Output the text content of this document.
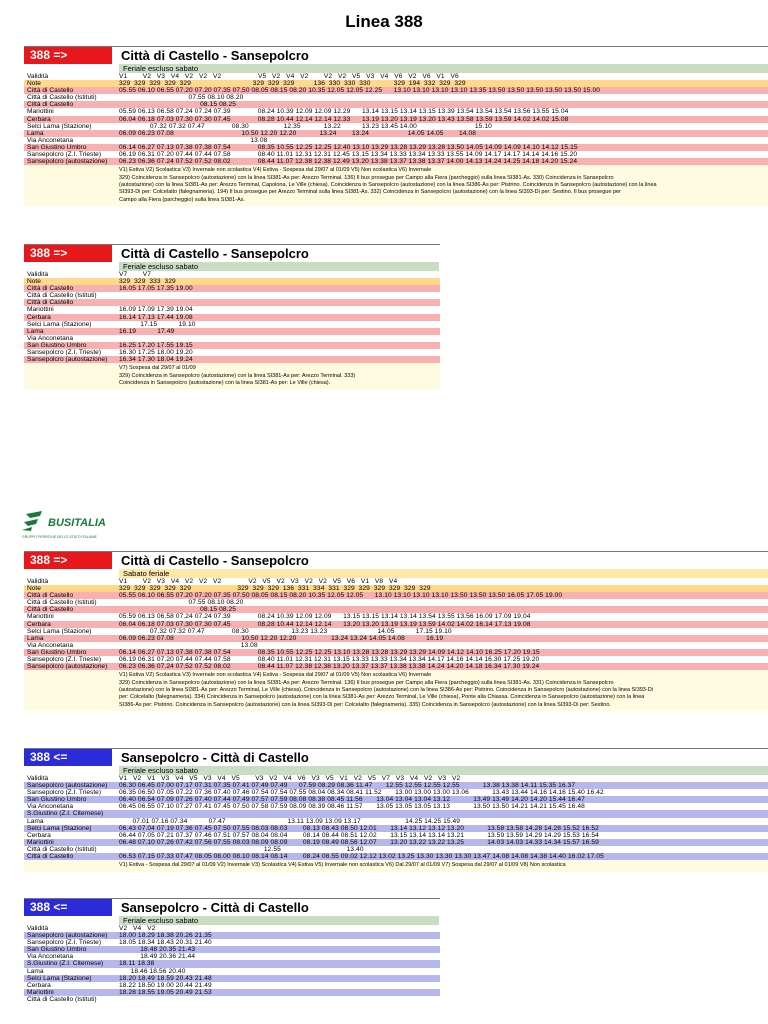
Linea 388
BUSITALIA
GRUPPO FERROVIE DELLO STATO ITALIANE
388 =>	Città di Castello - Sansepolcro
Feriale escluso sabato
Validità	V1        V2   V3   V4   V2   V2   V2                   V5   V2   V4   V2        V2   V2   V5   V3   V4   V6   V2   V6   V1   V6
Note	329  329  329  329  329                                329  329  329          136  330  330  330            329  194  332  329  329
Città di Castello	05.55 06.10 06.55 07.20 07.20 07.35 07.50 08.05 08.15 08.20 10.35 12.05 12.05 12.25      13.10 13.10 13.10 13.10 13.35 13.50 13.50 13.50 13.50 13.50 15.00
Città di Castello (Istituti)	07.55 08.10 08.20
Città di Castello	08.15 08.25
Mariottini	05.59 06.13 06.58 07.24 07.24 07.39              08.24 10.39 12.09 12.09 12.29      13.14 13.15 13.14 13.15 13.39 13.54 13.54 13.54 13.56 13.55 15.04
Cerbara	06.04 06.18 07.03 07.30 07.30 07.45              08.28 10.44 12.14 12.14 12.33      13.19 13.20 13.19 13.20 13.43 13.58 13.59 13.59 14.02 14.02 15.08
Selci Lama (Stazione)	07.32 07.32 07.47              08.30                  12.35            13.22           13.23 13.45 14.00                              15.10
Lama	06.09 06.23 07.08                                   10.50 12.20 12.20            13.24        13.24                    14.05 14.05        14.08
Via Anconetana	13.08
San Giustino Umbro	06.14 06.27 07.13 07.38 07.38 07.54              08.35 10.55 12.25 12.25 12.40 13.10 13.29 13.28 13.29 13.28 13.50 14.05 14.09 14.09 14.10 14.12 15.15
Sansepolcro (Z.I. Trieste)	06.19 06.31 07.20 07.44 07.44 07.58              08.40 11.01 12.31 12.31 12.45 13.15 13.34 13.33 13.34 13.33 13.55 14.09 14.17 14.17 14.14 14.16 15.20
Sansepolcro (autostazione) 06.23 06.36 07.24 07.52 07.52 08.02              08.44 11.07 12.38 12.38 12.49 13.20 13.38 13.37 13.38 13.37 14.00 14.13 14.24 14.25 14.18 14.20 15.24
V1) Estiva V2) Scolastica V3) Invernale non scolastica V4) Estiva - Sospesa dal 29/07 al 01/09 V5) Non scolastica V6) Invernale
329) Coincidenza in Sansepolcro (autostazione) con la linea SI381-As per: Arezzo Terminal. 136) Il bus prosegue per Campo alla Fiera (parcheggio) sulla linea SI381-As. 330) Coincidenza in Sansepolcro
(autostazione) con la linea SI381-As per: Arezzo Terminal, Capolona, Le Ville (chiesa). Coincidenza in Sansepolcro (autostazione) con la linea SI386-As per: Pistrino. Coincidenza in Sansepolcro (autostazione) con la linea
SI393-Di per: Colcelalto (falegnameria). 194) Il bus prosegue per Arezzo Terminal sulla linea SI381-As. 332) Coincidenza in Sansepolcro (autostazione) con la linea SI393-Di per: Sestino. Il bus prosegue per
Campo alla Fiera (parcheggio) sulla linea SI381-As.
388 =>	Città di Castello - Sansepolcro
Feriale escluso sabato
Validità	V7        V7
Note	329  329  333  329
Città di Castello	16.05 17.05 17.35 19.00
Città di Castello (Istituti)
Città di Castello
Mariottini	16.09 17.09 17.39 19.04
Cerbara	16.14 17.13 17.44 19.08
Selci Lama (Stazione)	17.15           19.10
Lama	16.19           17.49
Via Anconetana
San Giustino Umbro	16.25 17.20 17.55 19.15
Sansepolcro (Z.I. Trieste)	16.30 17.25 18.00 19.20
Sansepolcro (autostazione) 16.34 17.30 18.04 19.24
V7) Sospesa dal 29/07 al 01/09
329) Coincidenza in Sansepolcro (autostazione) con la linea SI381-As per: Arezzo Terminal. 333)
Coincidenza in Sansepolcro (autostazione) con la linea SI381-As per: Le Ville (chiesa).
388 =>	Città di Castello - Sansepolcro
Sabato feriale
Validità	V1        V2   V3   V4   V2   V2   V2              V2   V5   V2   V3   V2   V2   V5   V6   V1   V8   V4
Note	329  329  329  329  329                        329  329  329  136  331  334  331  329  329  329  329  329  329
Città di Castello	05.55 06.10 06.55 07.20 07.20 07.35 07.50 08.05 08.15 08.20 10.35 12.05 12.05      13.10 13.10 13.10 13.10 13.50 13.50 13.50 16.05 17.05 19.00
Città di Castello (Istituti)	07.55 08.10 08.20
Città di Castello	08.15 08.25
Mariottini	05.59 06.13 06.58 07.24 07.24 07.39              08.24 10.39 12.09 12.09      13.15 13.15 13.14 13.14 13.54 13.55 13.56 16.09 17.09 19.04
Cerbara	06.04 06.18 07.03 07.30 07.30 07.45              08.28 10.44 12.14 12.14      13.20 13.20 13.19 13.19 13.59 14.02 14.02 16.14 17.13 19.08
Selci Lama (Stazione)	07.32 07.32 07.47              08.30                      13.23 13.23                          14.05           17.15 19.10
Lama	06.09 06.23 07.08                                   10.50 12.20 12.20                  13.24 13.24 14.05 14.08           16.19
Via Anconetana	13.08
San Giustino Umbro	06.14 06.27 07.13 07.38 07.38 07.54              08.35 10.55 12.25 12.25 13.10 13.28 13.28 13.29 13.29 14.09 14.12 14.10 16.25 17.20 19.15
Sansepolcro (Z.I. Trieste)	06.19 06.31 07.20 07.44 07.44 07.58              08.40 11.01 12.31 12.31 13.15 13.33 13.33 13.34 13.34 14.17 14.16 14.14 16.30 17.25 19.20
Sansepolcro (autostazione) 06.23 06.36 07.24 07.52 07.52 08.02              08.44 11.07 12.38 12.38 13.20 13.37 13.37 13.38 13.38 14.24 14.20 14.18 16.34 17.30 19.24
V1) Estiva V2) Scolastica V3) Invernale non scolastica V4) Estiva - Sospesa dal 29/07 al 01/09 V5) Non scolastica V6) Invernale
329) Coincidenza in Sansepolcro (autostazione) con la linea SI381-As per: Arezzo Terminal. 136) Il bus prosegue per Campo alla Fiera (parcheggio) sulla linea SI381-As. 331) Coincidenza in Sansepolcro
(autostazione) con la linea SI381-As per: Arezzo Terminal, Le Ville (chiesa). Coincidenza in Sansepolcro (autostazione) con la linea SI386-As per: Pistrino. Coincidenza in Sansepolcro (autostazione) con la linea SI393-Di
per: Colcelalto (falegnameria). 334) Coincidenza in Sansepolcro (autostazione) con la linea SI381-As per: Arezzo Terminal, Le Ville (chiesa), Ponte alla Chiassa. Coincidenza in Sansepolcro (autostazione) con la linea
SI386-As per: Pistrino. Coincidenza in Sansepolcro (autostazione) con la linea SI393-Di per: Colcelalto (falegnameria). 335) Coincidenza in Sansepolcro (autostazione) con la linea SI393-Di per: Sestino.
388 <=	Sansepolcro - Città di Castello
Feriale escluso sabato
Validità	V1   V2   V1   V3   V4   V5   V3   V4   V5        V3   V2   V4   V6   V3   V5   V1   V2   V5   V7   V3   V4   V2   V3   V2
Sansepolcro (autostazione) 06.30 06.45 07.00 07.17 07.31 07.35 07.41 07.49 07.49      07.59 08.29 08.36 11.47       12.55 12.55 12.55 12.55            13.38 13.38 14.11 15.35 16.37
Sansepolcro (Z.I. Trieste)	06.35 06.50 07.05 07.22 07.36 07.40 07.46 07.54 07.54 07.55 08.04 08.34 08.41 11.52       13.00 13.00 13.00 13.06            13.43 13.44 14.16 14.16 15.40 16.42
San Giustino Umbro	06.40 06.54 07.09 07.26 07.40 07.44 07.49 07.57 07.59 08.08 08.38 08.45 11.56       13.04 13.04 13.04 13.12            13.49 13.49 14.20 14.20 15.44 16.47
Via Anconetana	06.45 06.55 07.10 07.27 07.41 07.45 07.50 07.58 07.59 08.09 08.39 08.46 11.57       13.05 13.05 13.05 13.13            13.50 13.50 14.21 14.21 15.45 16.48
S.Giustino (Z.I. Citernese)
Lama	07.01 07.16 07.34           07.47                                13.11 13.09 13.09 13.17                       14.25 14.25 15.49
Selci Lama (Stazione)	06.43 07.04 07.19 07.36 07.45 07.50 07.55 08.03 08.03        08.13 08.43 08.50 12.01       13.14 13.12 13.12 13.20            13.58 13.58 14.28 14.28 15.52 16.52
Cerbara	06.44 07.05 07.21 07.37 07.46 07.51 07.57 08.04 08.04        08.14 08.44 08.51 12.02       13.15 13.14 13.14 13.21            13.59 13.59 14.29 14.29 15.53 16.54
Mariottini	06.48 07.10 07.26 07.42 07.56 07.55 08.03 08.09 08.09        08.19 08.49 08.56 12.07       13.20 13.22 13.22 13.25            14.03 14.03 14.33 14.34 15.57 16.59
Città di Castello (Istituti)	12.55                                  13.40
Città di Castello	06.53 07.15 07.33 07.47 08.05 08.00 08.10 08.14 08.14        08.24 08.55 09.02 12.12 13.02 13.25 13.30 13.30 13.30 13.47 14.08 14.08 14.38 14.40 16.02 17.05
V1) Estiva - Sospesa dal 29/07 al 01/09 V2) Invernale V3) Scolastica V4) Estiva V5) Invernale non scolastica V6) Dal 29/07 al 01/09 V7) Sospesa dal 29/07 al 01/09 V8) Non scolastica
388 <=	Sansepolcro - Città di Castello
Feriale escluso sabato
Validità	V2   V4   V2
Sansepolcro (autostazione) 18.00 18.29 18.38 20.26 21.35
Sansepolcro (Z.I. Trieste)	18.05 18.34 18.43 20.31 21.40
San Giustino Umbro	18.48 20.35 21.43
Via Anconetana	18.49 20.36 21.44
S.Giustino (Z.I. Citernese) 18.11 18.38
Lama	18.46 18.56 20.40
Selci Lama (Stazione)	18.20 18.49 18.59 20.43 21.48
Cerbara	18.22 18.50 19.00 20.44 21.49
Mariottini	18.28 18.55 19.05 20.49 21.53
Città di Castello (Istituti)
